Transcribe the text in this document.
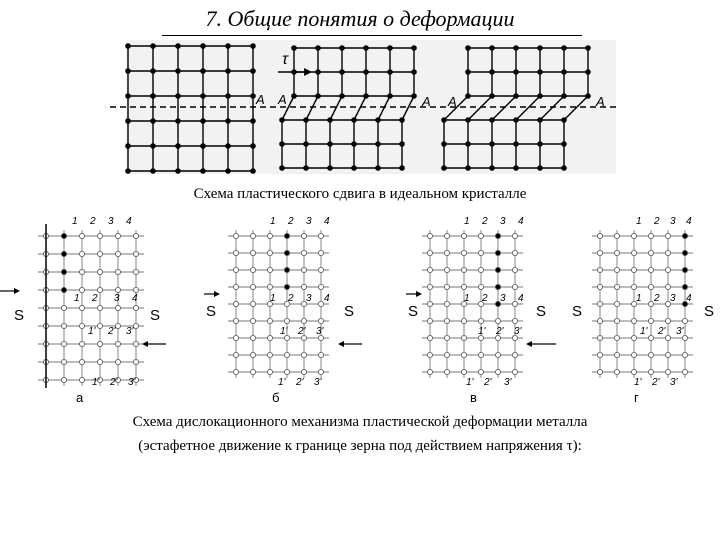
7. Общие понятия о деформации
τ
A A	A A	A
Схема пластического сдвига в идеальном кристалле
S	S
1 2 3 4
1 2 3 4
1' 2' 3'
1' 2' 3'
а
S	S
1 2 3 4
1 2 3 4
1' 2' 3'
1' 2' 3'
б
S	S
1 2 3 4
1 2 3 4
1' 2' 3'
1' 2' 3'
в
S	S
1 2 3 4
1 2 3 4
1' 2' 3'
1' 2' 3'
г
Схема дислокационного механизма пластической деформации металла
(эстафетное движение к границе зерна под действием напряжения τ):
